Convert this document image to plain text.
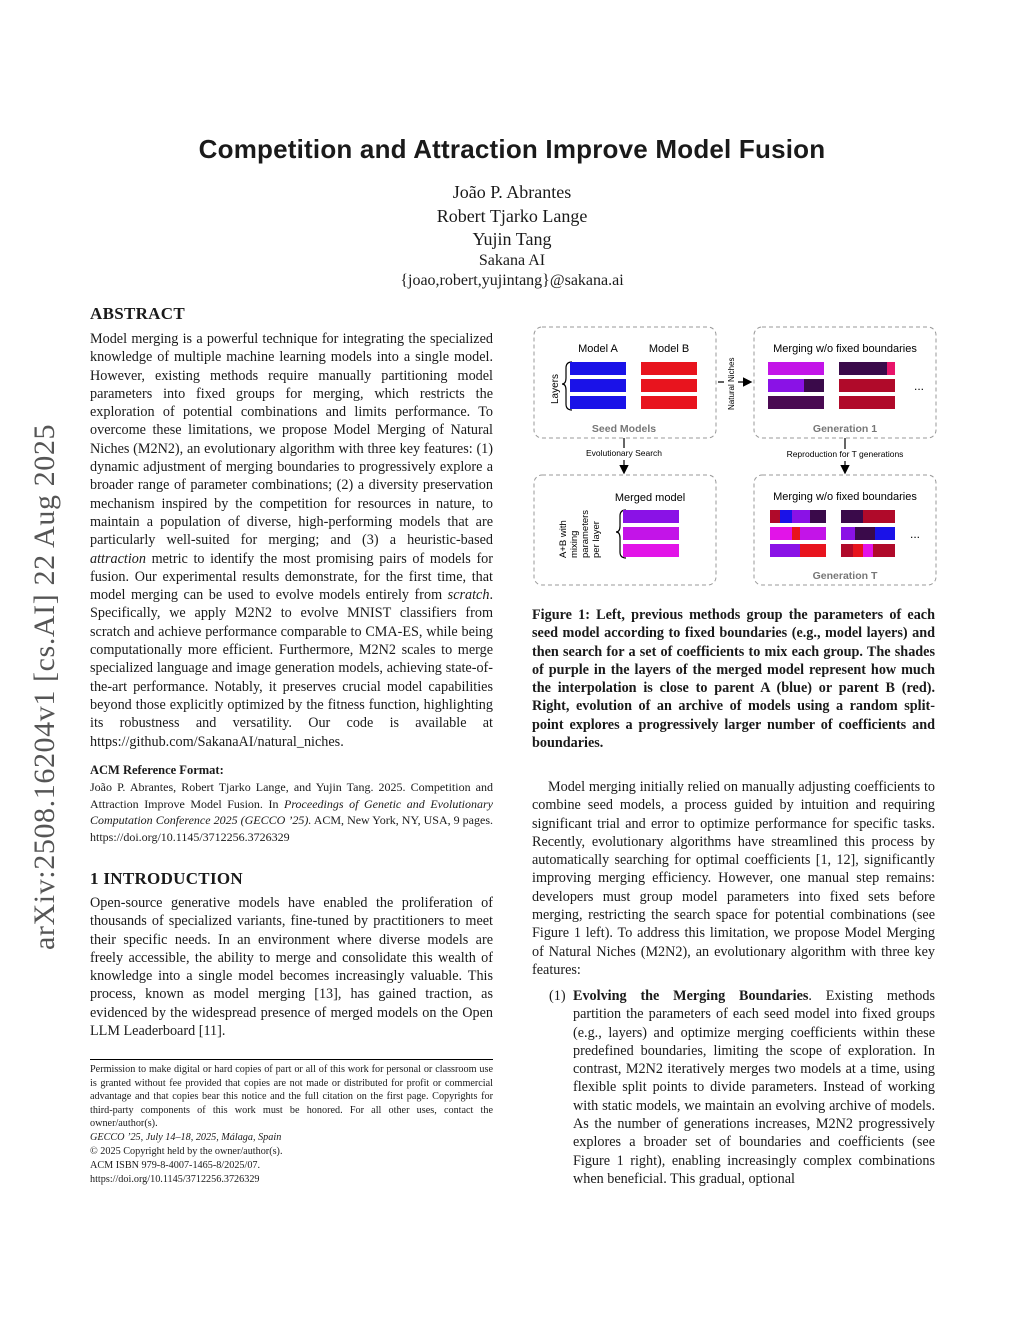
arXiv:2508.16204v1 [cs.AI] 22 Aug 2025
Competition and Attraction Improve Model Fusion
João P. Abrantes
Robert Tjarko Lange
Yujin Tang
Sakana AI
{joao,robert,yujintang}@sakana.ai
ABSTRACT
Model merging is a powerful technique for integrating the specialized knowledge of multiple machine learning models into a single model. However, existing methods require manually partitioning model parameters into fixed groups for merging, which restricts the exploration of potential combinations and limits performance. To overcome these limitations, we propose Model Merging of Natural Niches (M2N2), an evolutionary algorithm with three key features: (1) dynamic adjustment of merging boundaries to progressively explore a broader range of parameter combinations; (2) a diversity preservation mechanism inspired by the competition for resources in nature, to maintain a population of diverse, high-performing models that are particularly well-suited for merging; and (3) a heuristic-based attraction metric to identify the most promising pairs of models for fusion. Our experimental results demonstrate, for the first time, that model merging can be used to evolve models entirely from scratch. Specifically, we apply M2N2 to evolve MNIST classifiers from scratch and achieve performance comparable to CMA-ES, while being computationally more efficient. Furthermore, M2N2 scales to merge specialized language and image generation models, achieving state-of-the-art performance. Notably, it preserves crucial model capabilities beyond those explicitly optimized by the fitness function, highlighting its robustness and versatility. Our code is available at https://github.com/SakanaAI/natural_niches.
ACM Reference Format:
João P. Abrantes, Robert Tjarko Lange, and Yujin Tang. 2025. Competition and Attraction Improve Model Fusion. In Proceedings of Genetic and Evolutionary Computation Conference 2025 (GECCO ’25). ACM, New York, NY, USA, 9 pages. https://doi.org/10.1145/3712256.3726329
1 INTRODUCTION
Open-source generative models have enabled the proliferation of thousands of specialized variants, fine-tuned by practitioners to meet their specific needs. In an environment where diverse models are freely accessible, the ability to merge and consolidate this wealth of knowledge into a single model becomes increasingly valuable. This process, known as model merging [13], has gained traction, as evidenced by the widespread presence of merged models on the Open LLM Leaderboard [11].
Permission to make digital or hard copies of part or all of this work for personal or classroom use is granted without fee provided that copies are not made or distributed for profit or commercial advantage and that copies bear this notice and the full citation on the first page. Copyrights for third-party components of this work must be honored. For all other uses, contact the owner/author(s).
GECCO ’25, July 14–18, 2025, Málaga, Spain
© 2025 Copyright held by the owner/author(s).
ACM ISBN 979-8-4007-1465-8/2025/07.
https://doi.org/10.1145/3712256.3726329
Model A	Model B
Layers
Seed Models
Natural Niches
Merging w/o fixed boundaries
...
Generation 1
Evolutionary Search	Reproduction for T generations
Merged model
A+B with mixing parameters per layer
Merging w/o fixed boundaries
...
Generation T
Figure 1: Left, previous methods group the parameters of each seed model according to fixed boundaries (e.g., model layers) and then search for a set of coefficients to mix each group. The shades of purple in the layers of the merged model represent how much the interpolation is close to parent A (blue) or parent B (red). Right, evolution of an archive of models using a random split-point explores a progressively larger number of coefficients and boundaries.
Model merging initially relied on manually adjusting coefficients to combine seed models, a process guided by intuition and requiring significant trial and error to optimize performance for specific tasks. Recently, evolutionary algorithms have streamlined this process by automatically searching for optimal coefficients [1, 12], significantly improving merging efficiency. However, one manual step remains: developers must group model parameters into fixed sets before merging, restricting the search space for potential combinations (see Figure 1 left). To address this limitation, we propose Model Merging of Natural Niches (M2N2), an evolutionary algorithm with three key features:
(1) Evolving the Merging Boundaries. Existing methods partition the parameters of each seed model into fixed groups (e.g., layers) and optimize merging coefficients within these predefined boundaries, limiting the scope of exploration. In contrast, M2N2 iteratively merges two models at a time, using flexible split points to divide parameters. Instead of working with static models, we maintain an evolving archive of models. As the number of generations increases, M2N2 progressively explores a broader set of boundaries and coefficients (see Figure 1 right), enabling increasingly complex combinations when beneficial. This gradual, optional
